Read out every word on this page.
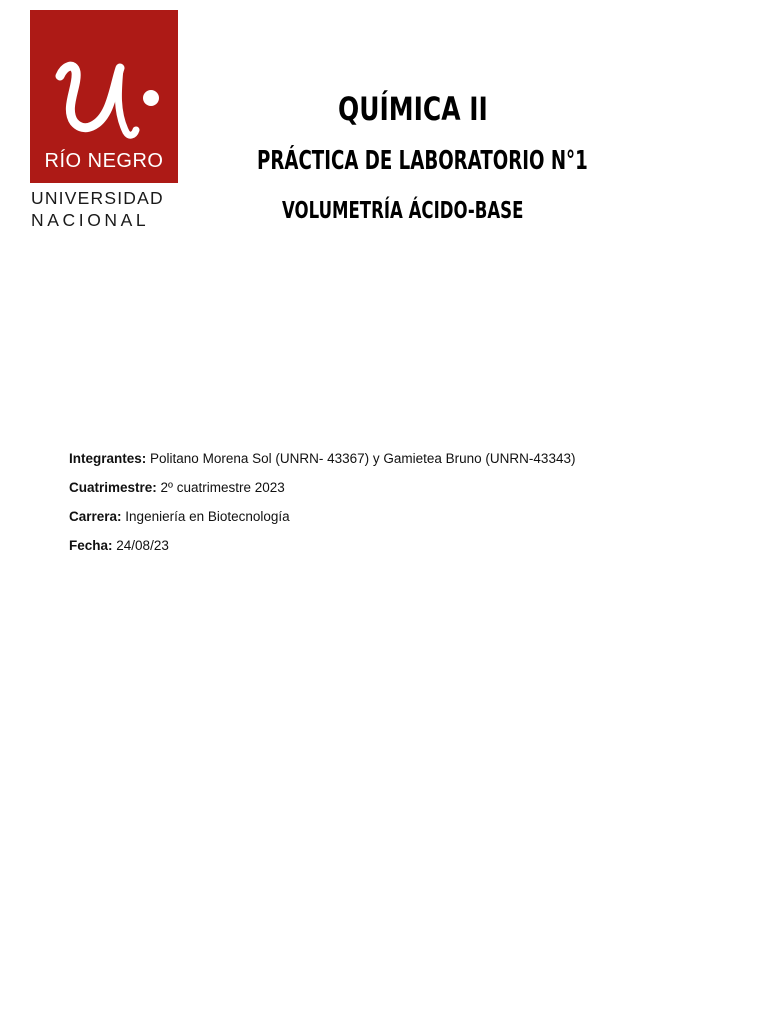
RÍO NEGRO
UNIVERSIDAD
NACIONAL
QUÍMICA II
PRÁCTICA DE LABORATORIO N°1
VOLUMETRÍA ÁCIDO-BASE
Integrantes: Politano Morena Sol (UNRN- 43367) y Gamietea Bruno (UNRN-43343)
Cuatrimestre: 2º cuatrimestre 2023
Carrera: Ingeniería en Biotecnología
Fecha: 24/08/23
